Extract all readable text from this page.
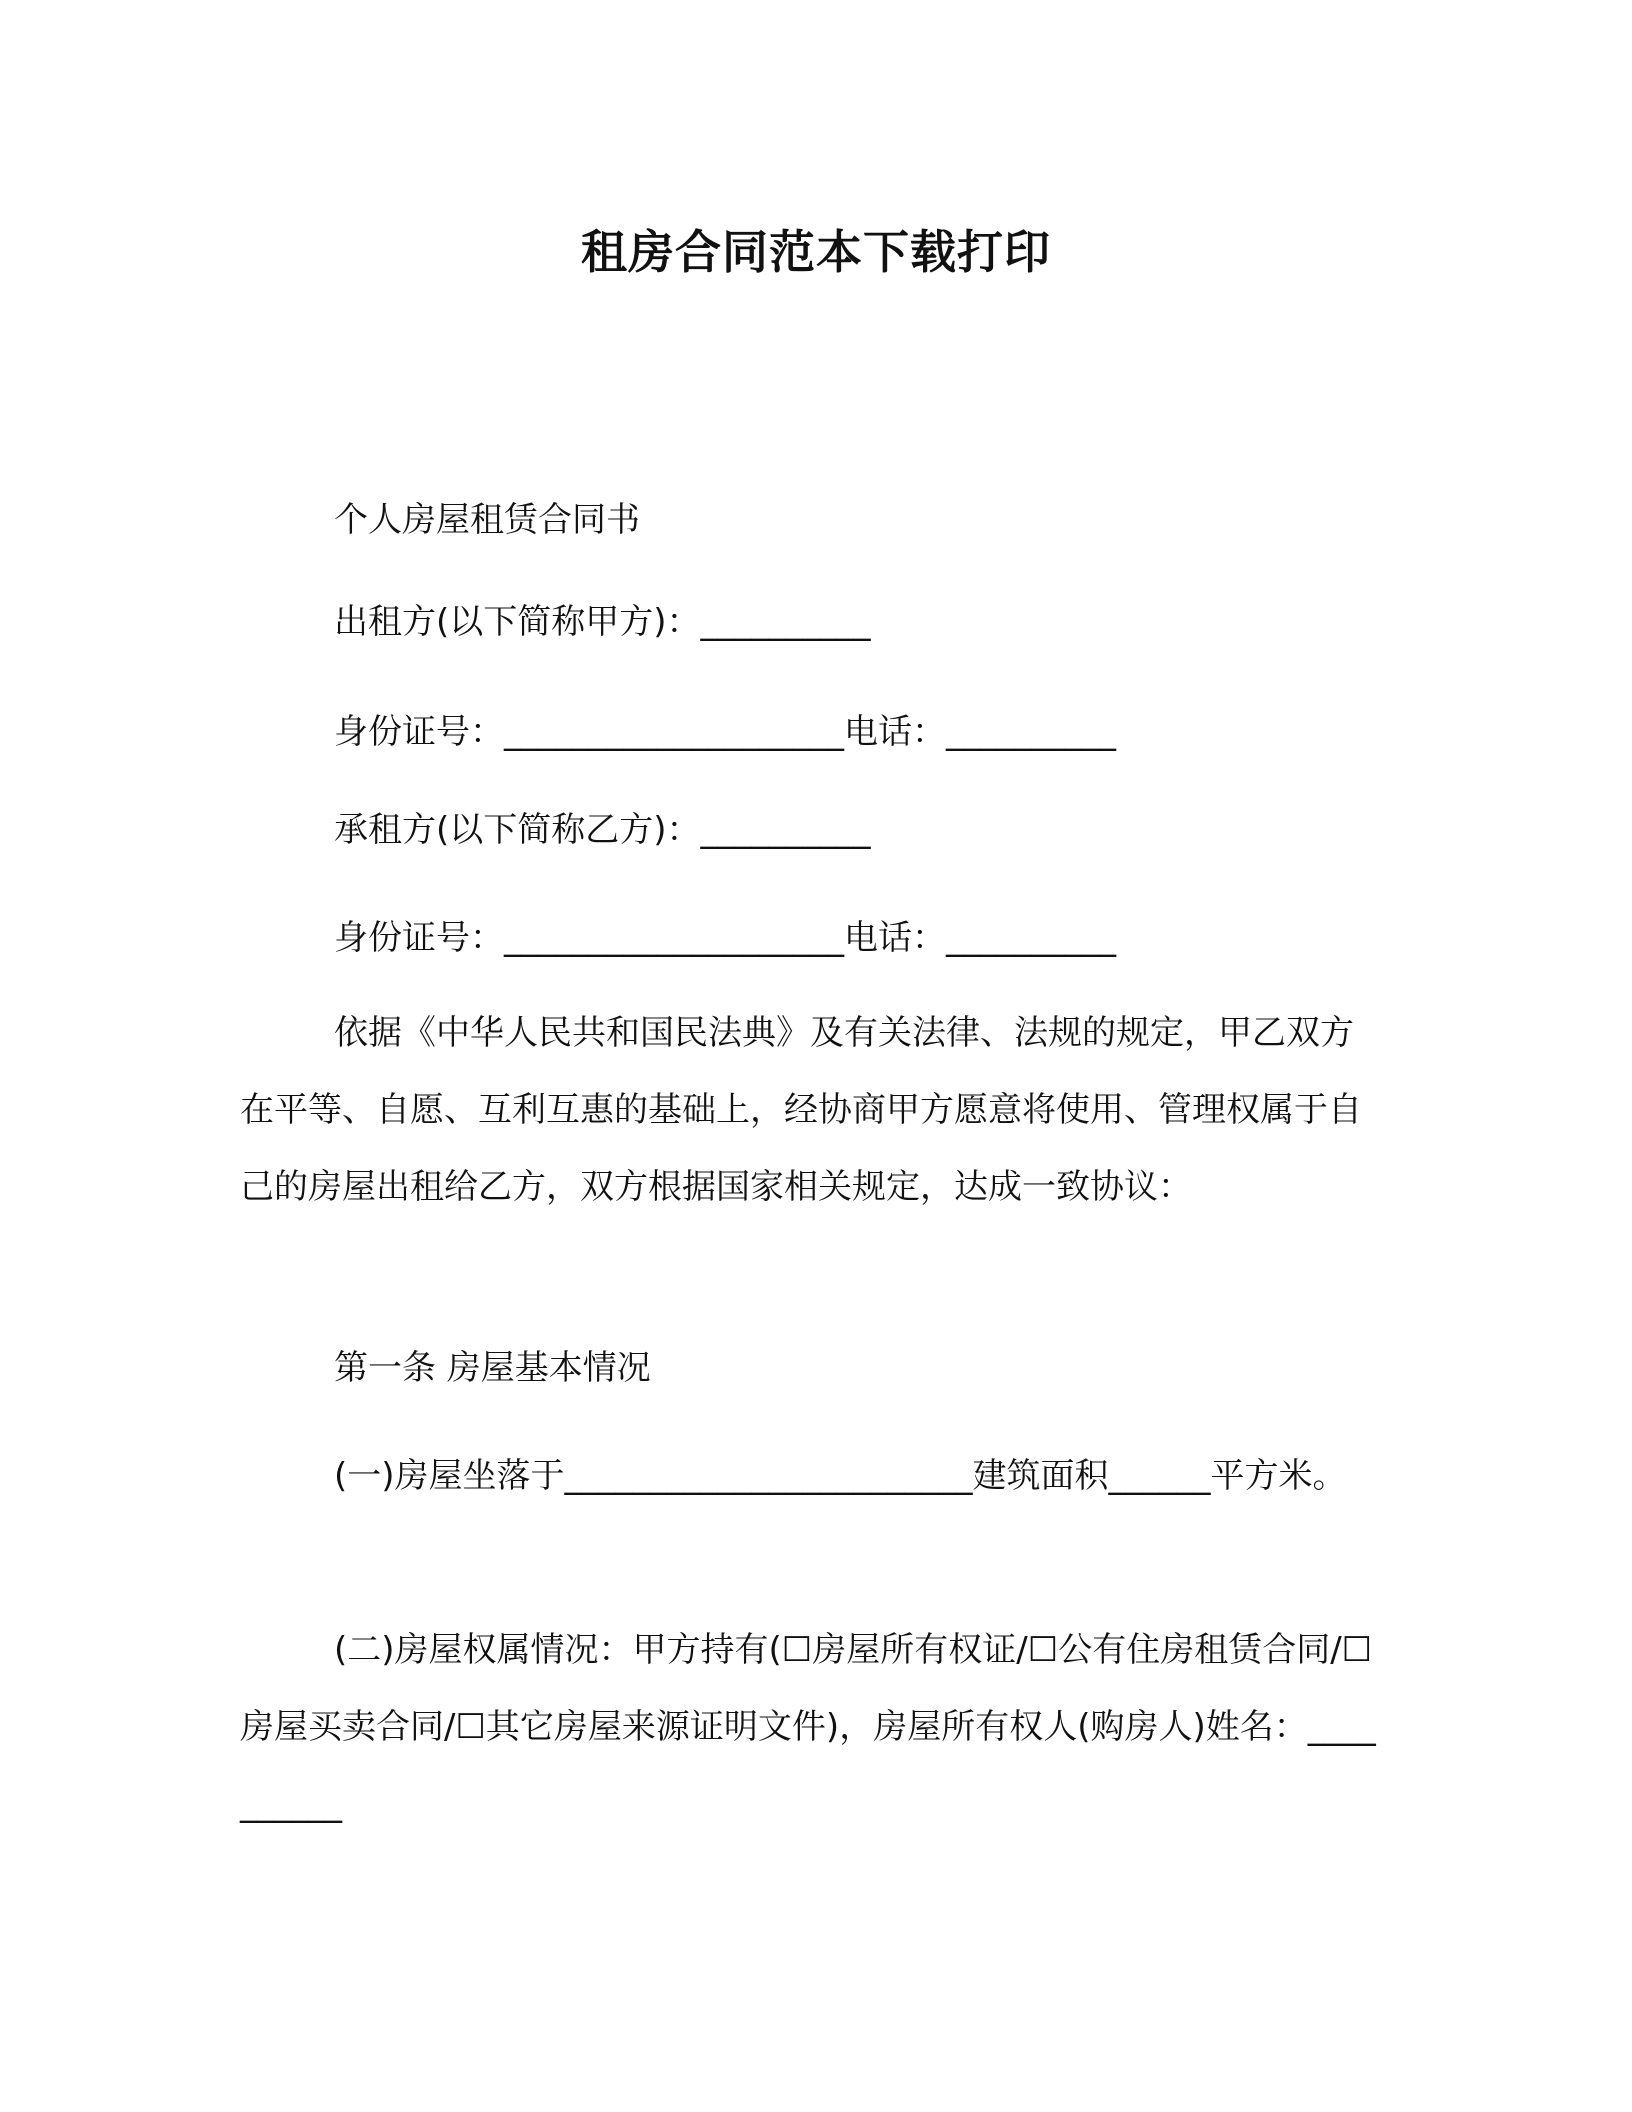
租房合同范本下载打印
个人房屋租赁合同书
出租方(以下简称甲方)：__________
身份证号：____________________电话：__________
承租方(以下简称乙方)：__________
身份证号：____________________电话：__________
依据《中华人民共和国民法典》及有关法律、法规的规定，甲乙双方在平等、自愿、互利互惠的基础上，经协商甲方愿意将使用、管理权属于自己的房屋出租给乙方，双方根据国家相关规定，达成一致协议：
第一条 房屋基本情况
(一)房屋坐落于________________________建筑面积______平方米。
(二)房屋权属情况：甲方持有(☐房屋所有权证/☐公有住房租赁合同/☐房屋买卖合同/☐其它房屋来源证明文件)，房屋所有权人(购房人)姓名：__________
